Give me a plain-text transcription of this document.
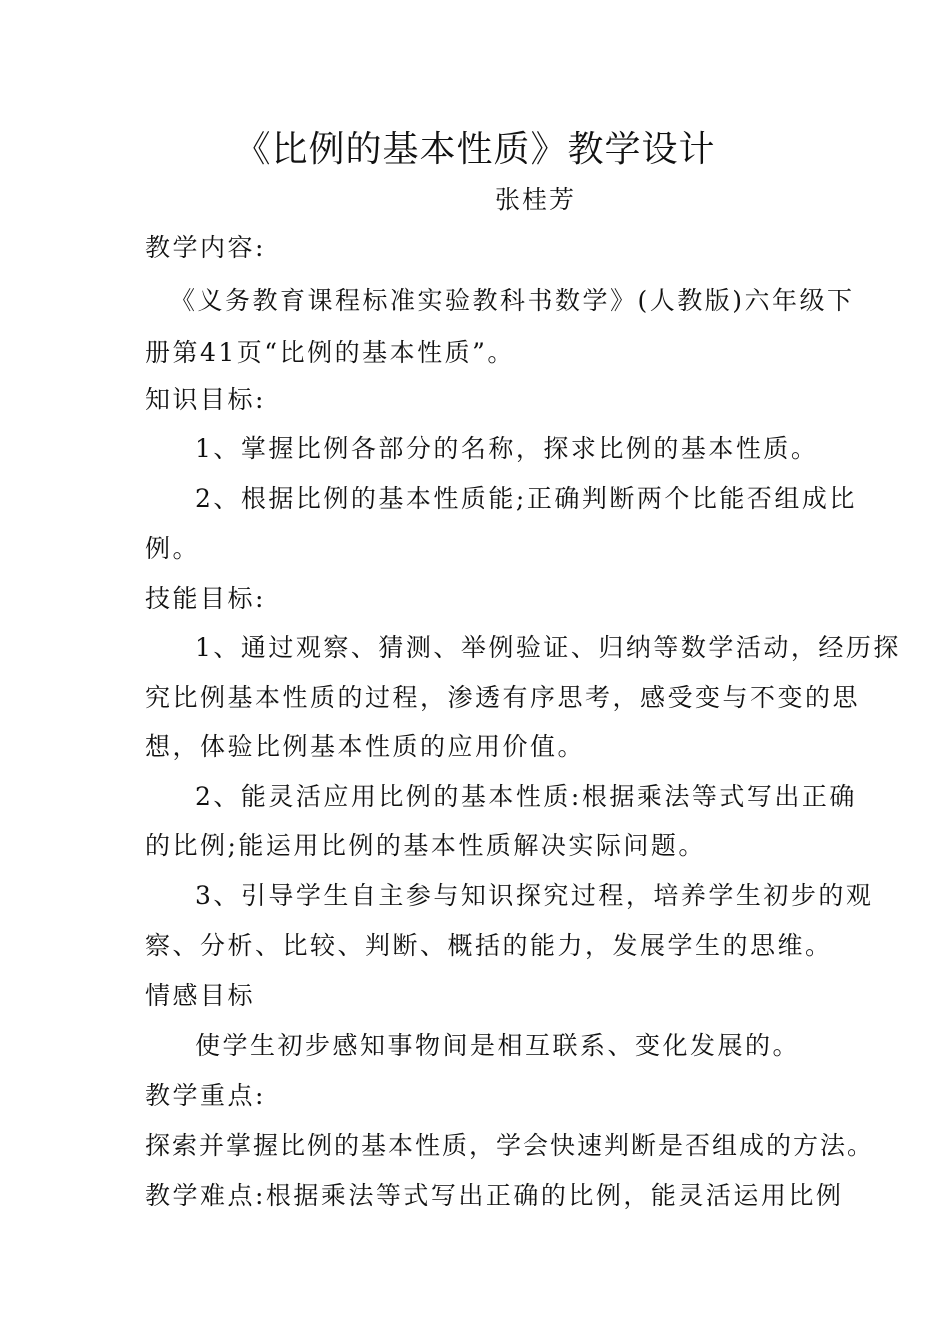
《比例的基本性质》教学设计
张桂芳
教学内容:
《义务教育课程标准实验教科书数学》(人教版)六年级下
册第41页“比例的基本性质”。
知识目标:
1、掌握比例各部分的名称，探求比例的基本性质。
2、根据比例的基本性质能;正确判断两个比能否组成比
例。
技能目标:
1、通过观察、猜测、举例验证、归纳等数学活动，经历探
究比例基本性质的过程，渗透有序思考，感受变与不变的思
想，体验比例基本性质的应用价值。
2、能灵活应用比例的基本性质:根据乘法等式写出正确
的比例;能运用比例的基本性质解决实际问题。
3、引导学生自主参与知识探究过程，培养学生初步的观
察、分析、比较、判断、概括的能力，发展学生的思维。
情感目标
使学生初步感知事物间是相互联系、变化发展的。
教学重点:
探索并掌握比例的基本性质，学会快速判断是否组成的方法。
教学难点:根据乘法等式写出正确的比例，能灵活运用比例
